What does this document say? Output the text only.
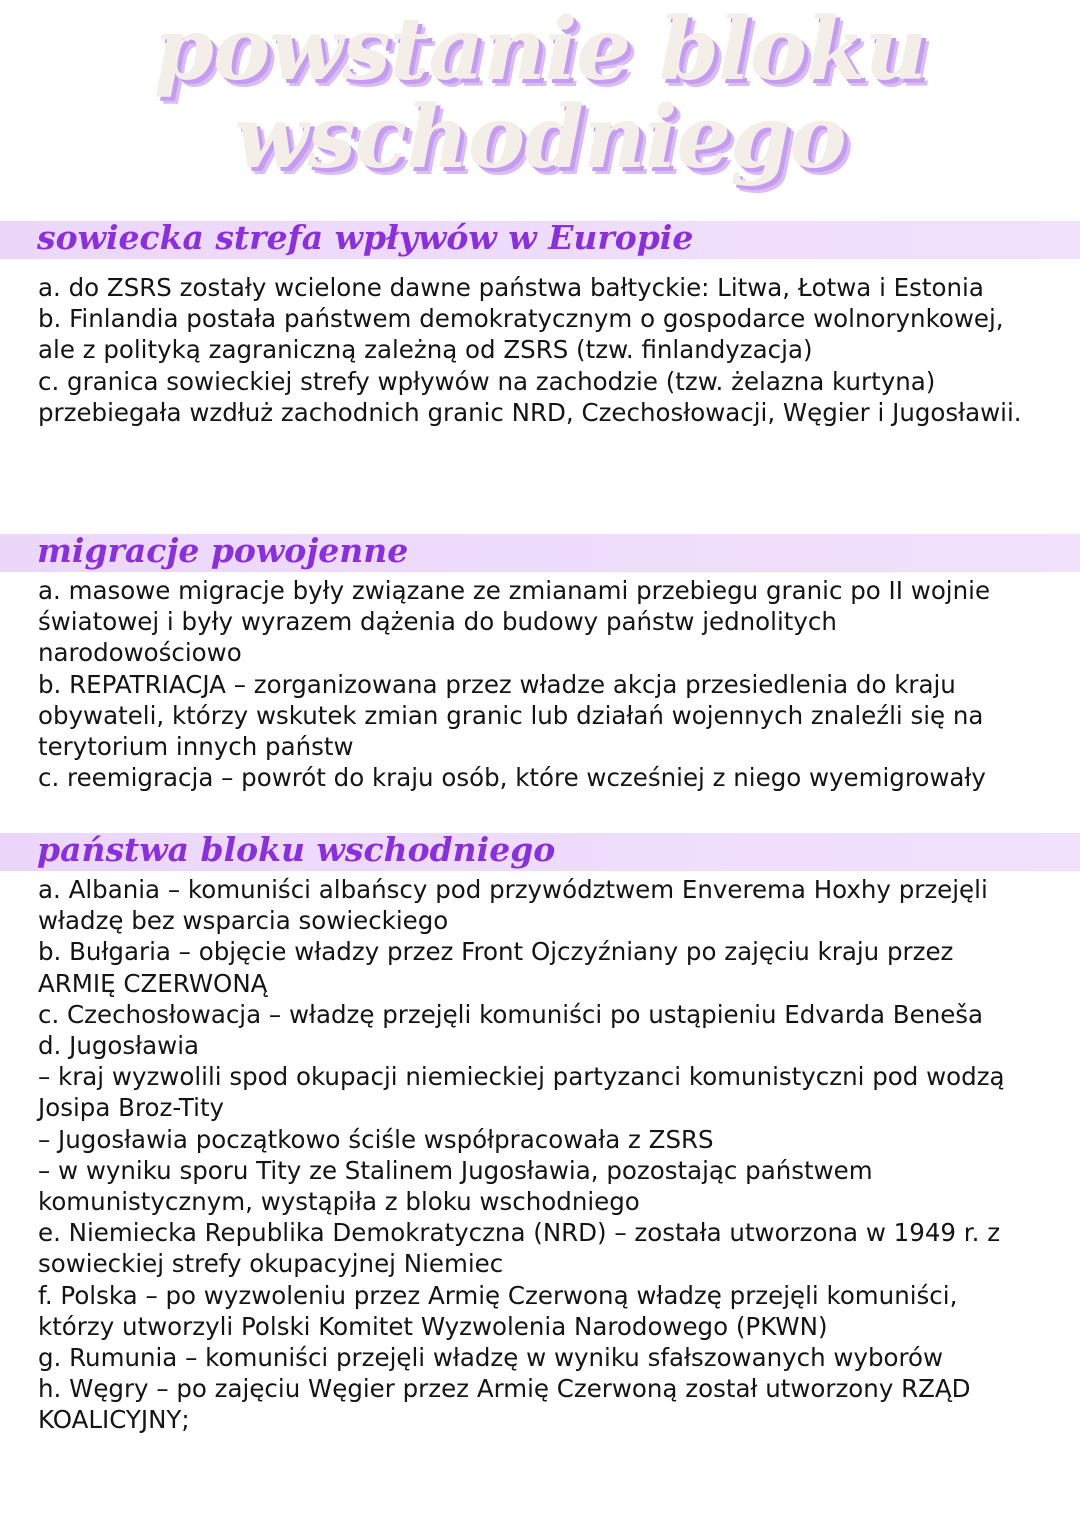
powstanie bloku
wschodniego
sowiecka strefa wpływów w Europie

a. do ZSRS zostały wcielone dawne państwa bałtyckie: Litwa, Łotwa i Estonia

b. Finlandia postała państwem demokratycznym o gospodarce wolnorynkowej, ale z polityką zagraniczną zależną od ZSRS (tzw. finlandyzacja)

c. granica sowieckiej strefy wpływów na zachodzie (tzw. żelazna kurtyna) przebiegała wzdłuż zachodnich granic NRD, Czechosłowacji, Węgier i Jugosławii.

migracje powojenne

a. masowe migracje były związane ze zmianami przebiegu granic po II wojnie światowej i były wyrazem dążenia do budowy państw jednolitych narodowościowo

b. REPATRIACJA – zorganizowana przez władze akcja przesiedlenia do kraju obywateli, którzy wskutek zmian granic lub działań wojennych znaleźli się na terytorium innych państw

c. reemigracja – powrót do kraju osób, które wcześniej z niego wyemigrowały

państwa bloku wschodniego

a. Albania – komuniści albańscy pod przywództwem Enverema Hoxhy przejęli władzę bez wsparcia sowieckiego

b. Bułgaria – objęcie władzy przez Front Ojczyźniany po zajęciu kraju przez ARMIĘ CZERWONĄ

c. Czechosłowacja – władzę przejęli komuniści po ustąpieniu Edvarda Beneša

d. Jugosławia

– kraj wyzwolili spod okupacji niemieckiej partyzanci komunistyczni pod wodzą Josipa Broz-Tity

– Jugosławia początkowo ściśle współpracowała z ZSRS

– w wyniku sporu Tity ze Stalinem Jugosławia, pozostając państwem komunistycznym, wystąpiła z bloku wschodniego

e. Niemiecka Republika Demokratyczna (NRD) – została utworzona w 1949 r. z sowieckiej strefy okupacyjnej Niemiec

f. Polska – po wyzwoleniu przez Armię Czerwoną władzę przejęli komuniści, którzy utworzyli Polski Komitet Wyzwolenia Narodowego (PKWN)

g. Rumunia – komuniści przejęli władzę w wyniku sfałszowanych wyborów

h. Węgry – po zajęciu Węgier przez Armię Czerwoną został utworzony RZĄD KOALICYJNY;
